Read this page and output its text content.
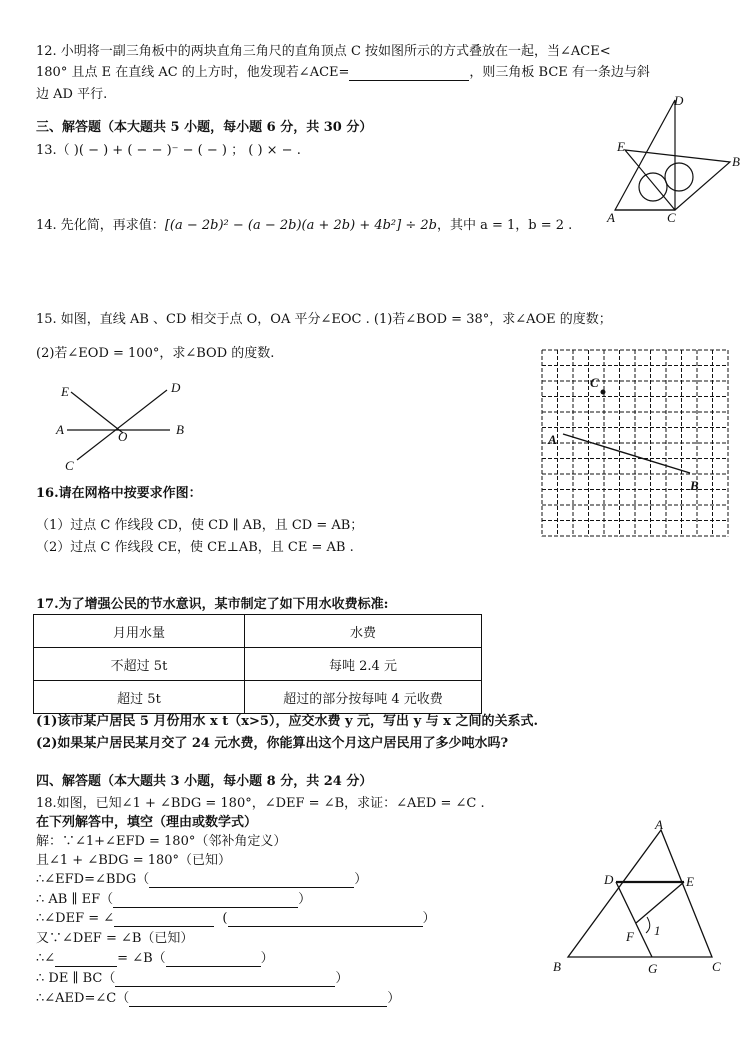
12. 小明将一副三角板中的两块直角三角尺的直角顶点 C 按如图所示的方式叠放在一起，当∠ACE<
180° 且点 E 在直线 AC 的上方时，他发现若∠ACE=	，则三角板 BCE 有一条边与斜
边 AD 平行.	D
E
B
A	C
三、解答题（本大题共 5 小题，每小题 6 分，共 30 分）
13.（ )( − ) + ( − − )⁻ − ( − ) ； ( ) × − .
14. 先化简，再求值：[(a − 2b)² − (a − 2b)(a + 2b) + 4b²] ÷ 2b，其中 a = 1，b = 2 .
15. 如图，直线 AB 、CD 相交于点 O，OA 平分∠EOC . (1)若∠BOD = 38°，求∠AOE 的度数；
(2)若∠EOD = 100°，求∠BOD 的度数.
E	D
A	O	B
C
C
A
B
16.请在网格中按要求作图：
（1）过点 C 作线段 CD，使 CD ∥ AB，且 CD = AB；
（2）过点 C 作线段 CE，使 CE⊥AB，且 CE = AB .
17.为了增强公民的节水意识，某市制定了如下用水收费标准:
月用水量	水费
不超过 5t	每吨 2.4 元
超过 5t	超过的部分按每吨 4 元收费
(1)该市某户居民 5 月份用水 x t（x>5），应交水费 y 元，写出 y 与 x 之间的关系式.
(2)如果某户居民某月交了 24 元水费，你能算出这个月这户居民用了多少吨水吗?
四、解答题（本大题共 3 小题，每小题 8 分，共 24 分）
18.如图，已知∠1 + ∠BDG = 180°，∠DEF = ∠B，求证：∠AED = ∠C .
在下列解答中，填空（理由或数学式）
解：∵∠1+∠EFD = 180°（邻补角定义）
且∠1 + ∠BDG = 180°（已知）
∴∠EFD=∠BDG（	）
∴ AB ∥ EF（	）
∴∠DEF = ∠	(	）
又∵∠DEF = ∠B（已知）
∴∠	= ∠B（	）
∴ DE ∥ BC（	）
∴∠AED=∠C（	）
A
D	E
F 1
B	G	C
